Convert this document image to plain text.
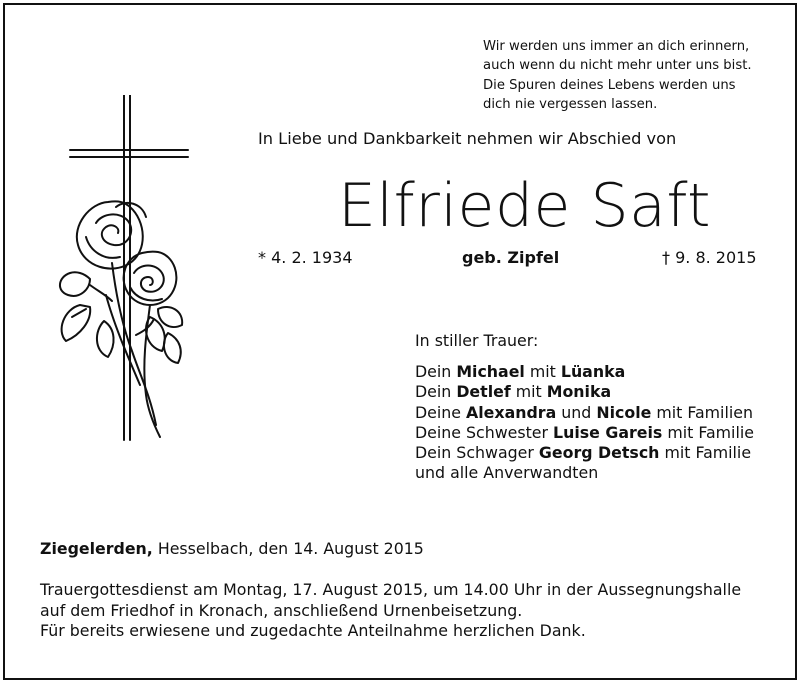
Wir werden uns immer an dich erinnern,
auch wenn du nicht mehr unter uns bist.
Die Spuren deines Lebens werden uns
dich nie vergessen lassen.
In Liebe und Dankbarkeit nehmen wir Abschied von
Elfriede Saft
* 4. 2. 1934	geb. Zipfel	† 9. 8. 2015
In stiller Trauer:
Dein Michael mit Lüanka
Dein Detlef mit Monika
Deine Alexandra und Nicole mit Familien
Deine Schwester Luise Gareis mit Familie
Dein Schwager Georg Detsch mit Familie
und alle Anverwandten
Ziegelerden, Hesselbach, den 14. August 2015
Trauergottesdienst am Montag, 17. August 2015, um 14.00 Uhr in der Aussegnungshalle
auf dem Friedhof in Kronach, anschließend Urnenbeisetzung.
Für bereits erwiesene und zugedachte Anteilnahme herzlichen Dank.
